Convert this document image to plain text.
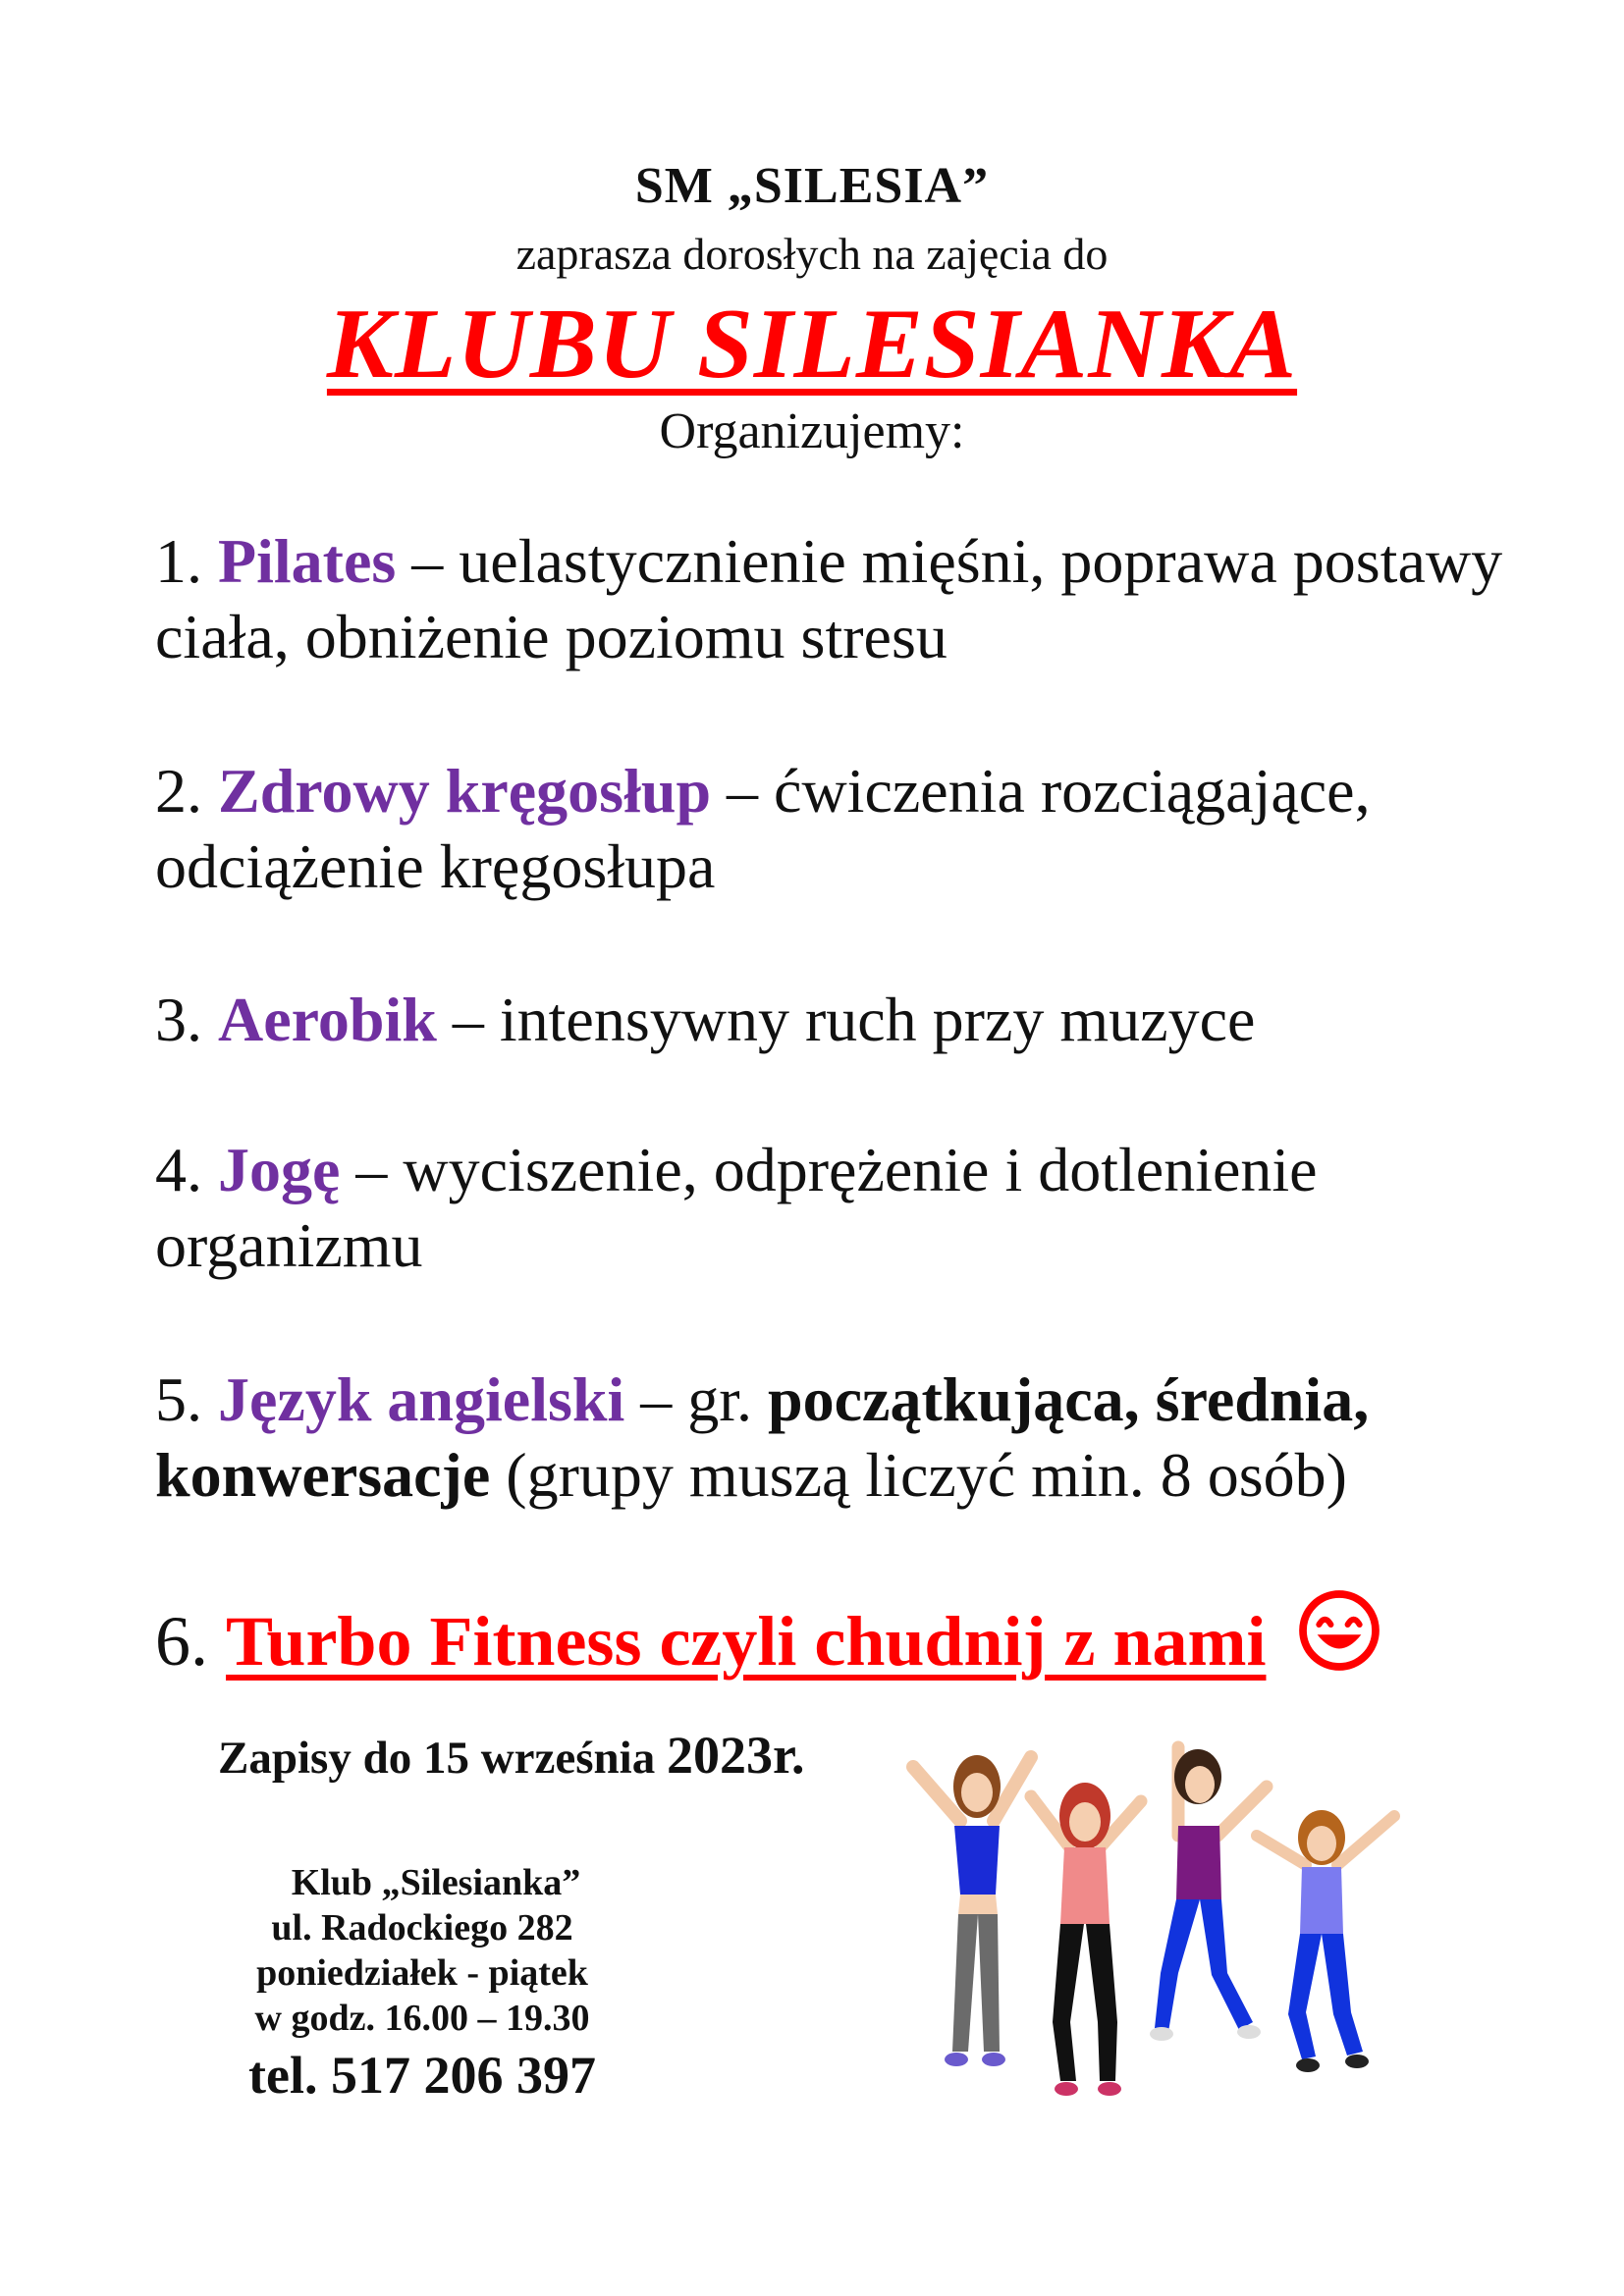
SM „SILESIA”
zaprasza dorosłych na zajęcia do
KLUBU SILESIANKA
Organizujemy:
1. Pilates – uelastycznienie mięśni, poprawa postawy ciała, obniżenie poziomu stresu
2. Zdrowy kręgosłup – ćwiczenia rozciągające, odciążenie kręgosłupa
3. Aerobik – intensywny ruch przy muzyce
4. Jogę – wyciszenie, odprężenie i dotlenienie organizmu
5. Język angielski – gr. początkująca, średnia, konwersacje (grupy muszą liczyć min. 8 osób)
6. Turbo Fitness czyli chudnij z nami
Zapisy do 15 września 2023r.
Klub „Silesianka”
ul. Radockiego 282
poniedziałek - piątek
w godz. 16.00 – 19.30
tel. 517 206 397
